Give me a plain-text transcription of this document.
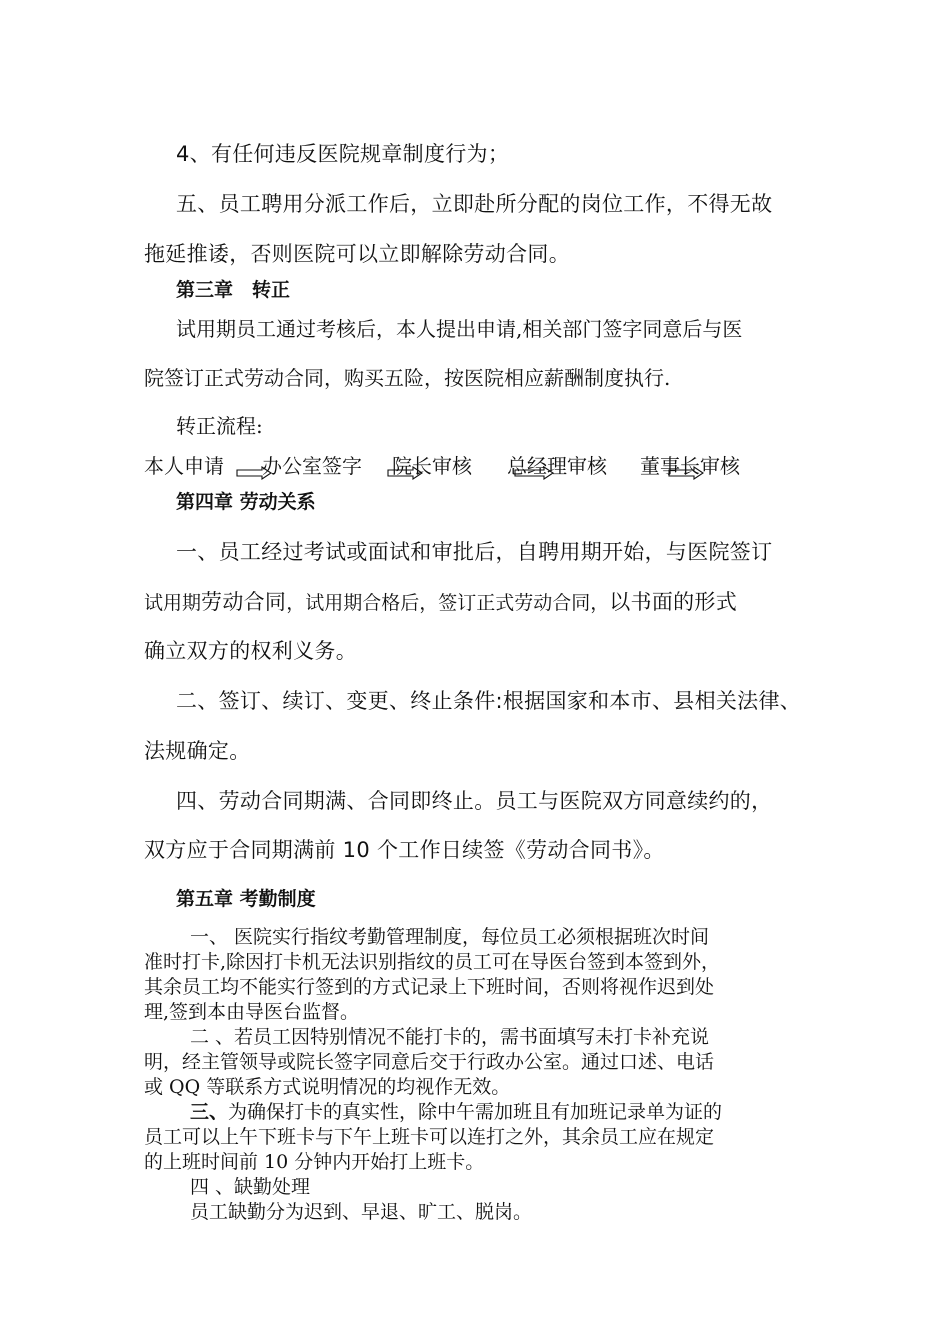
4、有任何违反医院规章制度行为；

五、员工聘用分派工作后，立即赴所分配的岗位工作，不得无故

拖延推诿，否则医院可以立即解除劳动合同。

第三章　转正

试用期员工通过考核后，本人提出申请,相关部门签字同意后与医

院签订正式劳动合同，购买五险，按医院相应薪酬制度执行.

转正流程:

本人申请 办公室签字 院长审核 总经理审核 董事长审核

第四章 劳动关系

一、员工经过考试或面试和审批后，自聘用期开始，与医院签订

试用期劳动合同，试用期合格后，签订正式劳动合同，以书面的形式

确立双方的权利义务。

二、签订、续订、变更、终止条件:根据国家和本市、县相关法律、

法规确定。

四、劳动合同期满、合同即终止。员工与医院双方同意续约的，

双方应于合同期满前 10 个工作日续签《劳动合同书》。

第五章 考勤制度

一、 医院实行指纹考勤管理制度，每位员工必须根据班次时间

准时打卡,除因打卡机无法识别指纹的员工可在导医台签到本签到外，

其余员工均不能实行签到的方式记录上下班时间，否则将视作迟到处

理,签到本由导医台监督。

二 、若员工因特别情况不能打卡的，需书面填写未打卡补充说

明，经主管领导或院长签字同意后交于行政办公室。通过口述、电话

或 QQ 等联系方式说明情况的均视作无效。

三、为确保打卡的真实性，除中午需加班且有加班记录单为证的

员工可以上午下班卡与下午上班卡可以连打之外，其余员工应在规定

的上班时间前 10 分钟内开始打上班卡。

四 、缺勤处理

员工缺勤分为迟到、早退、旷工、脱岗。
